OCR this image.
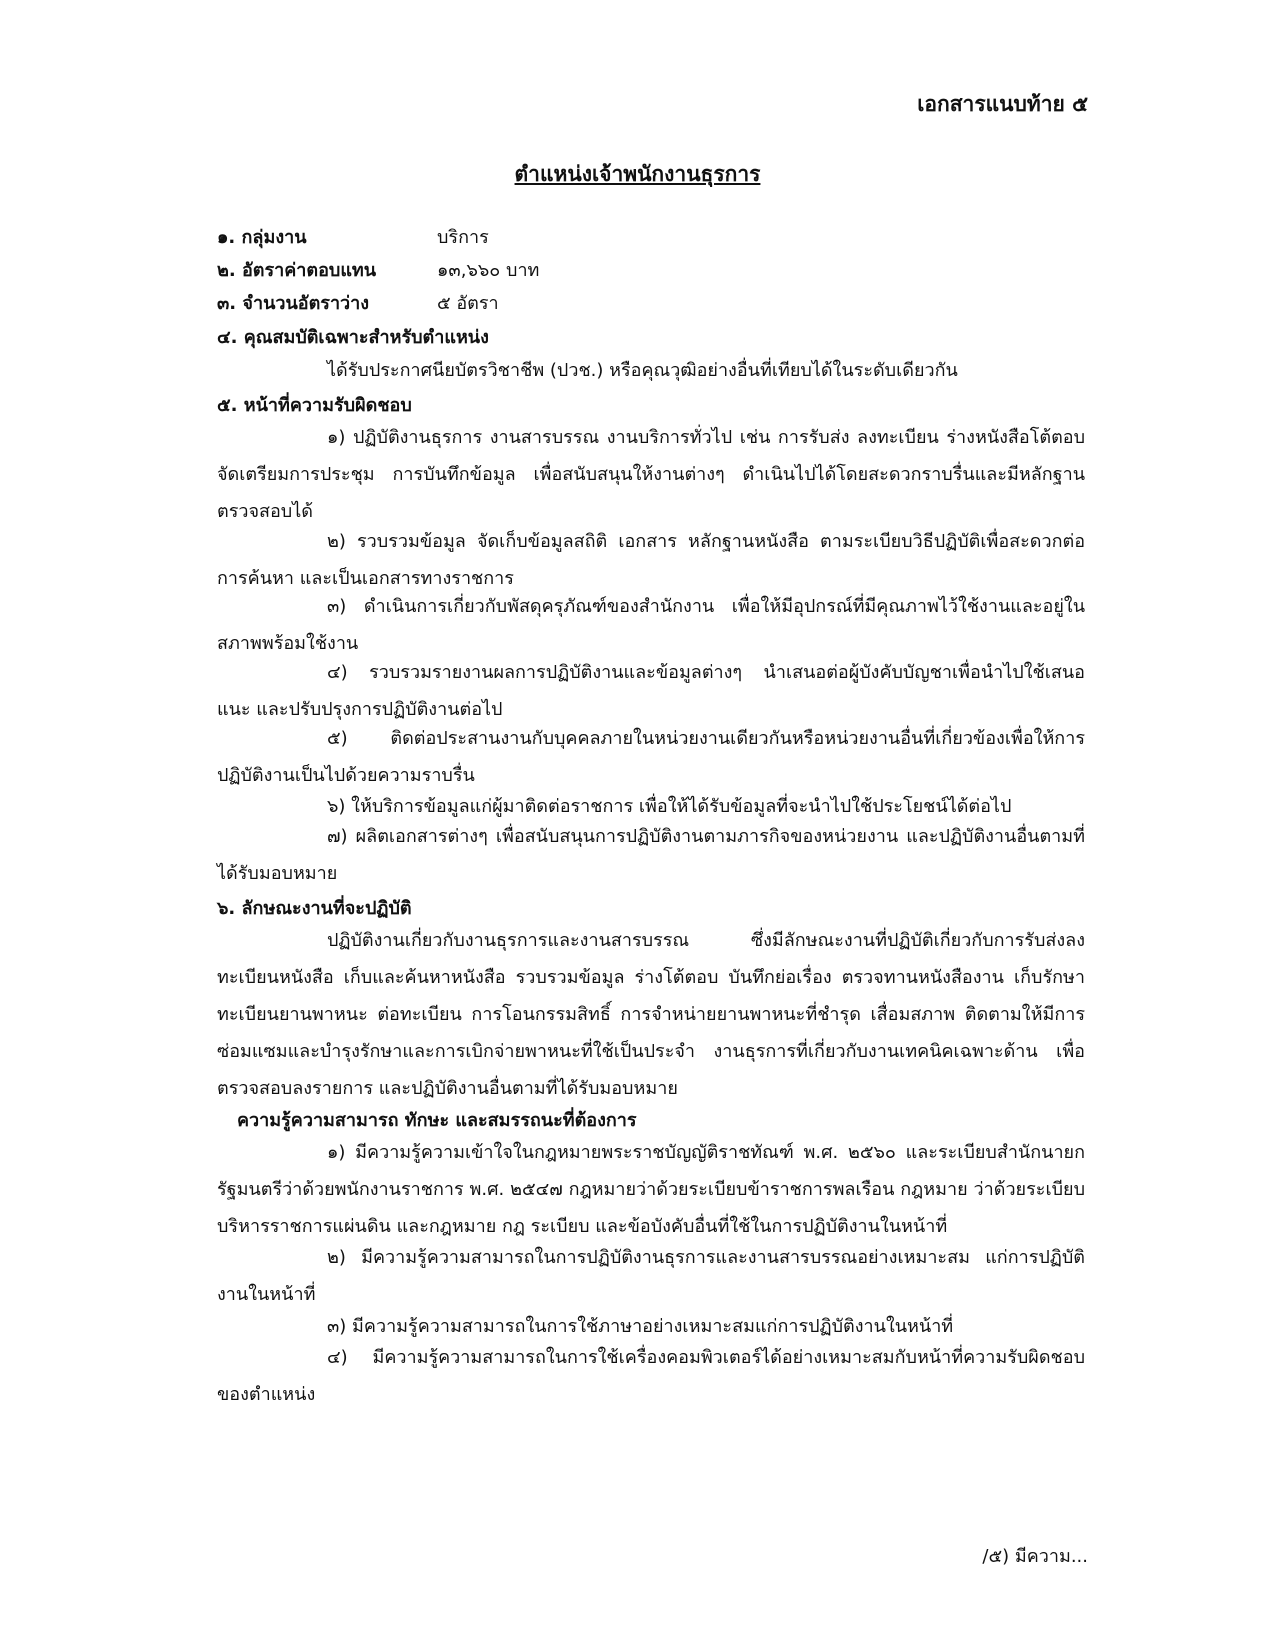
เอกสารแนบท้าย ๕
ตำแหน่งเจ้าพนักงานธุรการ
๑. กลุ่มงาน	บริการ
๒. อัตราค่าตอบแทน	๑๓,๖๖๐ บาท
๓. จำนวนอัตราว่าง	๕ อัตรา
๔. คุณสมบัติเฉพาะสำหรับตำแหน่ง
ได้รับประกาศนียบัตรวิชาชีพ (ปวช.) หรือคุณวุฒิอย่างอื่นที่เทียบได้ในระดับเดียวกัน
๕. หน้าที่ความรับผิดชอบ
๑) ปฏิบัติงานธุรการ งานสารบรรณ งานบริการทั่วไป เช่น การรับส่ง ลงทะเบียน ร่างหนังสือโต้ตอบ จัดเตรียมการประชุม การบันทึกข้อมูล เพื่อสนับสนุนให้งานต่างๆ ดำเนินไปได้โดยสะดวกราบรื่นและมีหลักฐานตรวจสอบได้
๒) รวบรวมข้อมูล จัดเก็บข้อมูลสถิติ เอกสาร หลักฐานหนังสือ ตามระเบียบวิธีปฏิบัติเพื่อสะดวกต่อการค้นหา และเป็นเอกสารทางราชการ
๓) ดำเนินการเกี่ยวกับพัสดุครุภัณฑ์ของสำนักงาน เพื่อให้มีอุปกรณ์ที่มีคุณภาพไว้ใช้งานและอยู่ในสภาพพร้อมใช้งาน
๔) รวบรวมรายงานผลการปฏิบัติงานและข้อมูลต่างๆ นำเสนอต่อผู้บังคับบัญชาเพื่อนำไปใช้เสนอแนะ และปรับปรุงการปฏิบัติงานต่อไป
๕) ติดต่อประสานงานกับบุคคลภายในหน่วยงานเดียวกันหรือหน่วยงานอื่นที่เกี่ยวข้องเพื่อให้การปฏิบัติงานเป็นไปด้วยความราบรื่น
๖) ให้บริการข้อมูลแก่ผู้มาติดต่อราชการ เพื่อให้ได้รับข้อมูลที่จะนำไปใช้ประโยชน์ได้ต่อไป
๗) ผลิตเอกสารต่างๆ เพื่อสนับสนุนการปฏิบัติงานตามภารกิจของหน่วยงาน และปฏิบัติงานอื่นตามที่ได้รับมอบหมาย
๖. ลักษณะงานที่จะปฏิบัติ
ปฏิบัติงานเกี่ยวกับงานธุรการและงานสารบรรณ ซึ่งมีลักษณะงานที่ปฏิบัติเกี่ยวกับการรับส่งลงทะเบียนหนังสือ เก็บและค้นหาหนังสือ รวบรวมข้อมูล ร่างโต้ตอบ บันทึกย่อเรื่อง ตรวจทานหนังสืองาน เก็บรักษาทะเบียนยานพาหนะ ต่อทะเบียน การโอนกรรมสิทธิ์ การจำหน่ายยานพาหนะที่ชำรุด เสื่อมสภาพ ติดตามให้มีการซ่อมแซมและบำรุงรักษาและการเบิกจ่ายพาหนะที่ใช้เป็นประจำ งานธุรการที่เกี่ยวกับงานเทคนิคเฉพาะด้าน เพื่อตรวจสอบลงรายการ และปฏิบัติงานอื่นตามที่ได้รับมอบหมาย
ความรู้ความสามารถ ทักษะ และสมรรถนะที่ต้องการ
๑) มีความรู้ความเข้าใจในกฎหมายพระราชบัญญัติราชทัณฑ์ พ.ศ. ๒๕๖๐ และระเบียบสำนักนายกรัฐมนตรีว่าด้วยพนักงานราชการ พ.ศ. ๒๕๔๗ กฎหมายว่าด้วยระเบียบข้าราชการพลเรือน กฎหมาย ว่าด้วยระเบียบบริหารราชการแผ่นดิน และกฎหมาย กฎ ระเบียบ และข้อบังคับอื่นที่ใช้ในการปฏิบัติงานในหน้าที่
๒) มีความรู้ความสามารถในการปฏิบัติงานธุรการและงานสารบรรณอย่างเหมาะสม แก่การปฏิบัติงานในหน้าที่
๓) มีความรู้ความสามารถในการใช้ภาษาอย่างเหมาะสมแก่การปฏิบัติงานในหน้าที่
๔) มีความรู้ความสามารถในการใช้เครื่องคอมพิวเตอร์ได้อย่างเหมาะสมกับหน้าที่ความรับผิดชอบของตำแหน่ง
/๕) มีความ...
